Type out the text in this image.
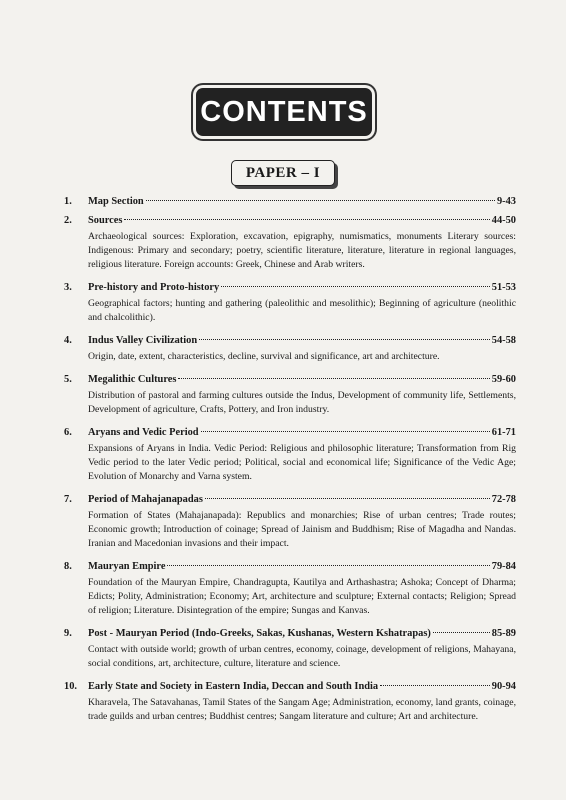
CONTENTS
PAPER – I
1.	Map Section	9-43
2.	Sources	44-50
Archaeological sources: Exploration, excavation, epigraphy, numismatics, monuments Literary sources: Indigenous: Primary and secondary; poetry, scientific literature, literature, literature in regional languages, religious literature. Foreign accounts: Greek, Chinese and Arab writers.
3.	Pre-history and Proto-history	51-53
Geographical factors; hunting and gathering (paleolithic and mesolithic); Beginning of agriculture (neolithic and chalcolithic).
4.	Indus Valley Civilization	54-58
Origin, date, extent, characteristics, decline, survival and significance, art and architecture.
5.	Megalithic Cultures	59-60
Distribution of pastoral and farming cultures outside the Indus, Development of community life, Settlements, Development of agriculture, Crafts, Pottery, and Iron industry.
6.	Aryans and Vedic Period	61-71
Expansions of Aryans in India. Vedic Period: Religious and philosophic literature; Transformation from Rig Vedic period to the later Vedic period; Political, social and economical life; Significance of the Vedic Age; Evolution of Monarchy and Varna system.
7.	Period of Mahajanapadas	72-78
Formation of States (Mahajanapada): Republics and monarchies; Rise of urban centres; Trade routes; Economic growth; Introduction of coinage; Spread of Jainism and Buddhism; Rise of Magadha and Nandas. Iranian and Macedonian invasions and their impact.
8.	Mauryan Empire	79-84
Foundation of the Mauryan Empire, Chandragupta, Kautilya and Arthashastra; Ashoka; Concept of Dharma; Edicts; Polity, Administration; Economy; Art, architecture and sculpture; External contacts; Religion; Spread of religion; Literature. Disintegration of the empire; Sungas and Kanvas.
9.	Post - Mauryan Period (Indo-Greeks, Sakas, Kushanas, Western Kshatrapas)	85-89
Contact with outside world; growth of urban centres, economy, coinage, development of religions, Mahayana, social conditions, art, architecture, culture, literature and science.
10.	Early State and Society in Eastern India, Deccan and South India	90-94
Kharavela, The Satavahanas, Tamil States of the Sangam Age; Administration, economy, land grants, coinage, trade guilds and urban centres; Buddhist centres; Sangam literature and culture; Art and architecture.
